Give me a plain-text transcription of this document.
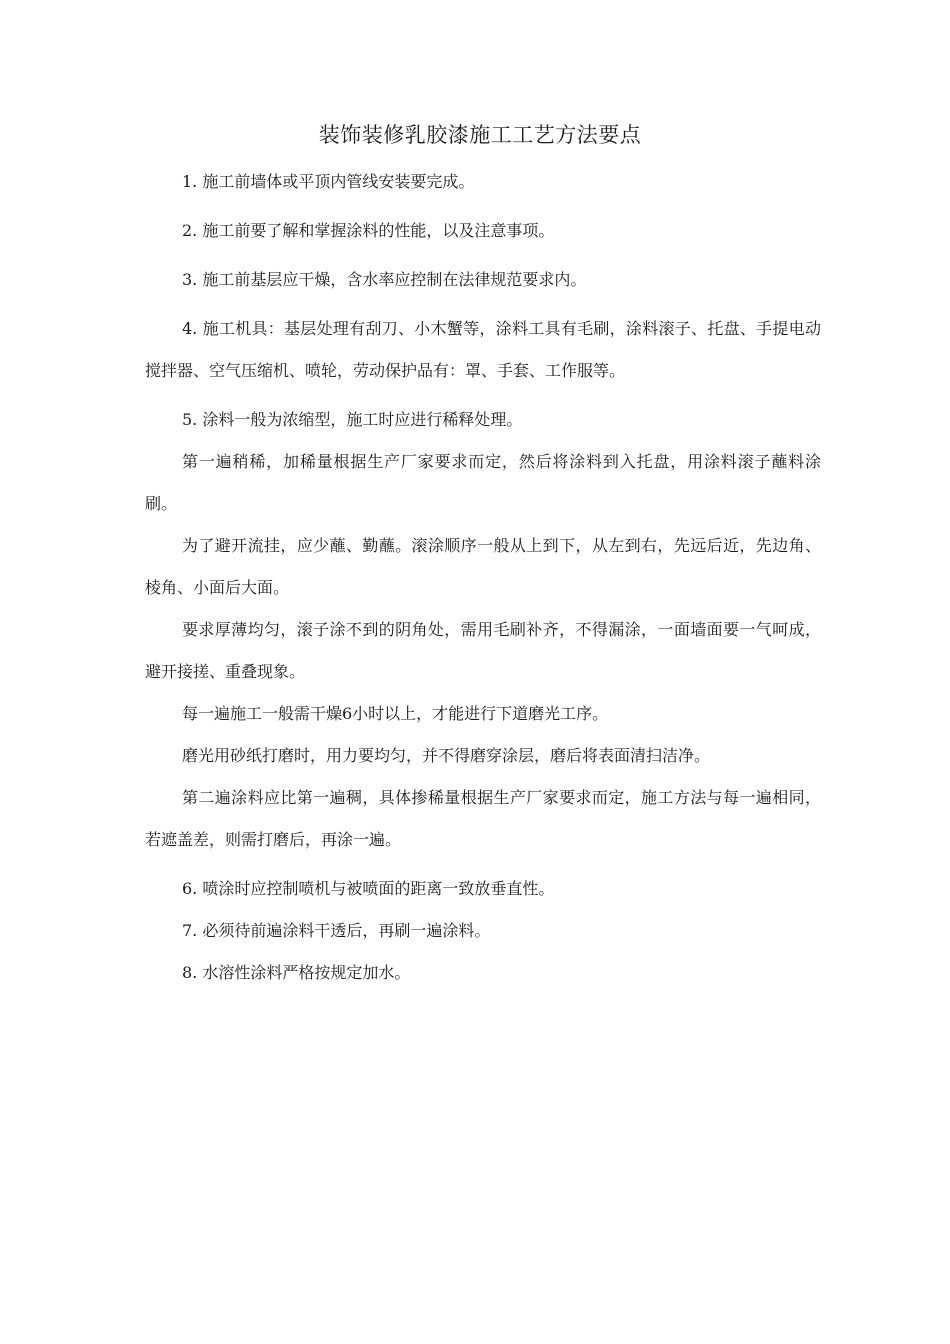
装饰装修乳胶漆施工工艺方法要点

1. 施工前墙体或平顶内管线安装要完成。

2. 施工前要了解和掌握涂料的性能，以及注意事项。

3. 施工前基层应干燥，含水率应控制在法律规范要求内。

4. 施工机具：基层处理有刮刀、小木蟹等，涂料工具有毛刷，涂料滚子、托盘、手提电动搅拌器、空气压缩机、喷轮，劳动保护品有：罩、手套、工作服等。

5. 涂料一般为浓缩型，施工时应进行稀释处理。

第一遍稍稀，加稀量根据生产厂家要求而定，然后将涂料到入托盘，用涂料滚子蘸料涂刷。

为了避开流挂，应少蘸、勤蘸。滚涂顺序一般从上到下，从左到右，先远后近，先边角、棱角、小面后大面。

要求厚薄均匀，滚子涂不到的阴角处，需用毛刷补齐，不得漏涂，一面墙面要一气呵成，避开接搓、重叠现象。

每一遍施工一般需干燥6小时以上，才能进行下道磨光工序。

磨光用砂纸打磨时，用力要均匀，并不得磨穿涂层，磨后将表面清扫洁净。

第二遍涂料应比第一遍稠，具体掺稀量根据生产厂家要求而定，施工方法与每一遍相同，若遮盖差，则需打磨后，再涂一遍。

6. 喷涂时应控制喷机与被喷面的距离一致放垂直性。

7. 必须待前遍涂料干透后，再刷一遍涂料。

8. 水溶性涂料严格按规定加水。
